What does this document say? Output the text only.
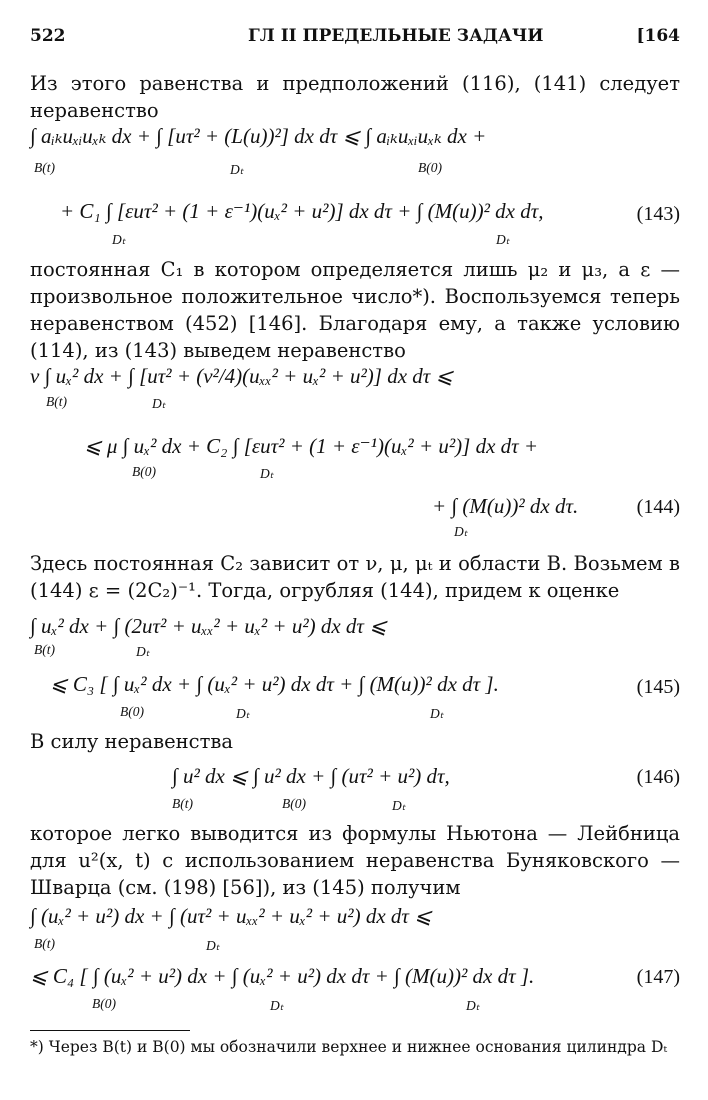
522	ГЛ II ПРЕДЕЛЬНЫЕ ЗАДАЧИ	[164
Из этого равенства и предположений (116), (141) следует неравенство
∫ aᵢₖuₓᵢuₓₖ dx + ∫ [uτ² + (L(u))²] dx dτ ⩽ ∫ aᵢₖuₓᵢuₓₖ dx +
B(t)	Dₜ	B(0)
+ C₁ ∫ [εuτ² + (1 + ε⁻¹)(uₓ² + u²)] dx dτ + ∫ (M(u))² dx dτ,
Dₜ	Dₜ
(143)
постоянная C₁ в котором определяется лишь μ₂ и μ₃, а ε — произвольное положительное число*). Воспользуемся теперь неравенством (452) [146]. Благодаря ему, а также условию (114), из (143) выведем неравенство
ν ∫ uₓ² dx + ∫ [uτ² + (ν²/4)(uₓₓ² + uₓ² + u²)] dx dτ ⩽
B(t)	Dₜ
⩽ μ ∫ uₓ² dx + C₂ ∫ [εuτ² + (1 + ε⁻¹)(uₓ² + u²)] dx dτ +
B(0)	Dₜ
+ ∫ (M(u))² dx dτ.
Dₜ
(144)
Здесь постоянная C₂ зависит от ν, μ, μₜ и области B. Возьмем в (144) ε = (2C₂)⁻¹. Тогда, огрубляя (144), придем к оценке
∫ uₓ² dx + ∫ (2uτ² + uₓₓ² + uₓ² + u²) dx dτ ⩽
B(t)	Dₜ
⩽ C₃ [ ∫ uₓ² dx + ∫ (uₓ² + u²) dx dτ + ∫ (M(u))² dx dτ ].
B(0)	Dₜ	Dₜ
(145)
В силу неравенства
∫ u² dx ⩽ ∫ u² dx + ∫ (uτ² + u²) dτ,
B(t)	B(0)	Dₜ
(146)
которое легко выводится из формулы Ньютона — Лейбница для u²(x, t) с использованием неравенства Буняковского — Шварца (см. (198) [56]), из (145) получим
∫ (uₓ² + u²) dx + ∫ (uτ² + uₓₓ² + uₓ² + u²) dx dτ ⩽
B(t)	Dₜ
⩽ C₄ [ ∫ (uₓ² + u²) dx + ∫ (uₓ² + u²) dx dτ + ∫ (M(u))² dx dτ ].
B(0)	Dₜ	Dₜ
(147)
*) Через B(t) и B(0) мы обозначили верхнее и нижнее основания цилиндра Dₜ
